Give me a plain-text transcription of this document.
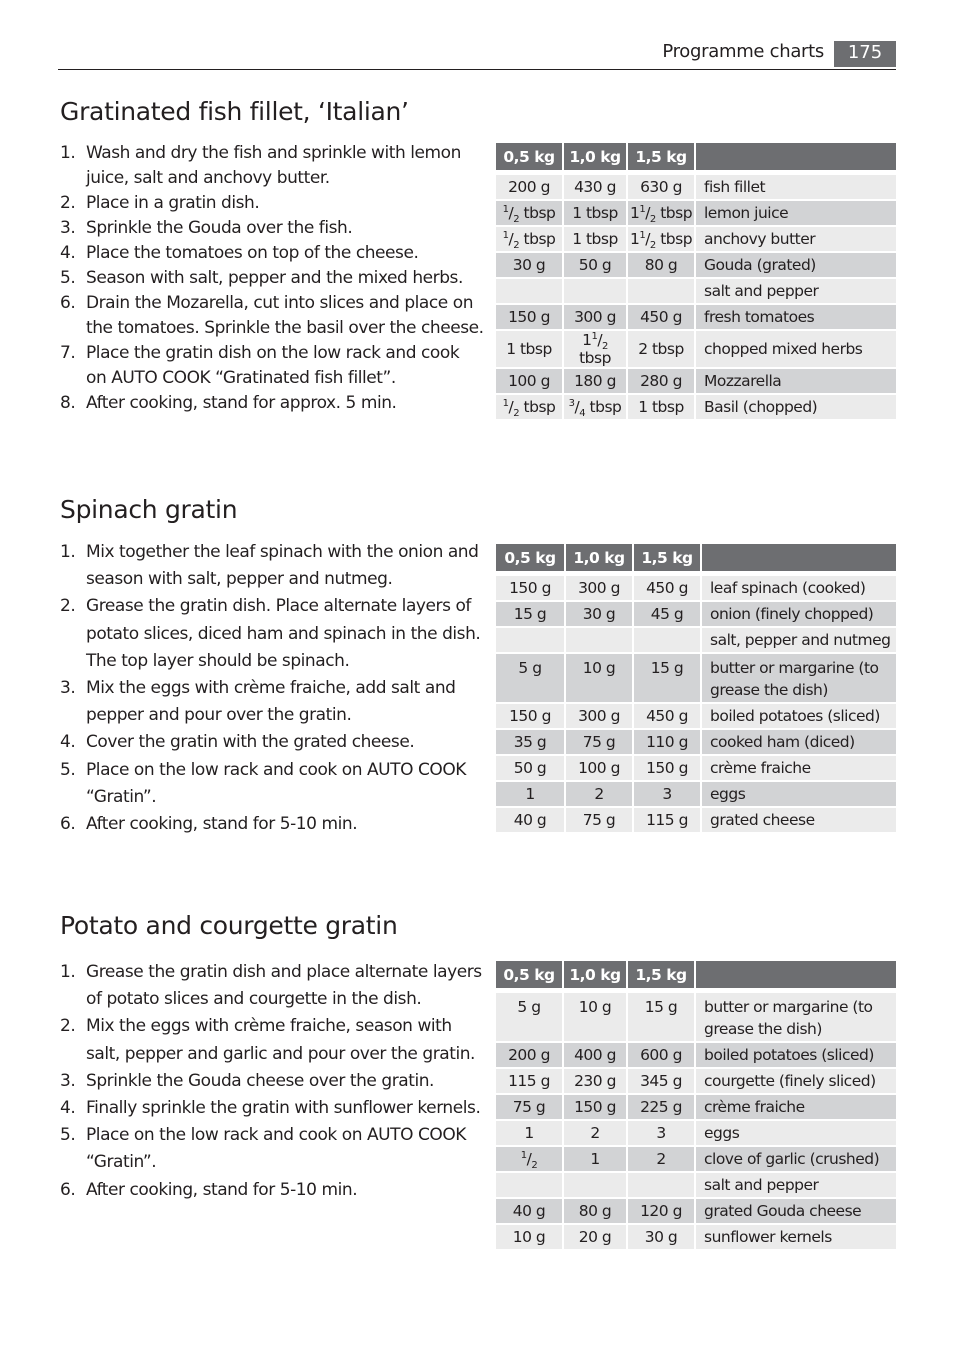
Programme charts	175
Gratinated fish fillet, ‘Italian’
1. Wash and dry the fish and sprinkle with lemon juice, salt and anchovy butter.
2. Place in a gratin dish.
3. Sprinkle the Gouda over the fish.
4. Place the tomatoes on top of the cheese.
5. Season with salt, pepper and the mixed herbs.
6. Drain the Mozarella, cut into slices and place on the tomatoes. Sprinkle the basil over the cheese.
7. Place the gratin dish on the low rack and cook on AUTO COOK “Gratinated fish fillet”.
8. After cooking, stand for approx. 5 min.
0,5 kg	1,0 kg	1,5 kg	

200 g	430 g	630 g	fish fillet
$^1/_2$ tbsp	1 tbsp	$1^1/_2$ tbsp	lemon juice
$^1/_2$ tbsp	1 tbsp	$1^1/_2$ tbsp	anchovy butter
30 g	50 g	80 g	Gouda (grated)
			salt and pepper
150 g	300 g	450 g	fresh tomatoes
1 tbsp	$1^1/_2$ tbsp	2 tbsp	chopped mixed herbs
100 g	180 g	280 g	Mozzarella
$^1/_2$ tbsp	$^3/_4$ tbsp	1 tbsp	Basil (chopped)
Spinach gratin
1. Mix together the leaf spinach with the onion and season with salt, pepper and nutmeg.
2. Grease the gratin dish. Place alternate layers of potato slices, diced ham and spinach in the dish. The top layer should be spinach.
3. Mix the eggs with crème fraiche, add salt and pepper and pour over the gratin.
4. Cover the gratin with the grated cheese.
5. Place on the low rack and cook on AUTO COOK “Gratin”.
6. After cooking, stand for 5-10 min.
0,5 kg	1,0 kg	1,5 kg	

150 g	300 g	450 g	leaf spinach (cooked)
15 g	30 g	45 g	onion (finely chopped)
			salt, pepper and nutmeg
5 g	10 g	15 g	butter or margarine (to grease the dish)
150 g	300 g	450 g	boiled potatoes (sliced)
35 g	75 g	110 g	cooked ham (diced)
50 g	100 g	150 g	crème fraiche
1	2	3	eggs
40 g	75 g	115 g	grated cheese
Potato and courgette gratin
1. Grease the gratin dish and place alternate layers of potato slices and courgette in the dish.
2. Mix the eggs with crème fraiche, season with salt, pepper and garlic and pour over the gratin.
3. Sprinkle the Gouda cheese over the gratin.
4. Finally sprinkle the gratin with sunflower kernels.
5. Place on the low rack and cook on AUTO COOK “Gratin”.
6. After cooking, stand for 5-10 min.
0,5 kg	1,0 kg	1,5 kg	

5 g	10 g	15 g	butter or margarine (to grease the dish)
200 g	400 g	600 g	boiled potatoes (sliced)
115 g	230 g	345 g	courgette (finely sliced)
75 g	150 g	225 g	crème fraiche
1	2	3	eggs
$^1/_2$	1	2	clove of garlic (crushed)
			salt and pepper
40 g	80 g	120 g	grated Gouda cheese
10 g	20 g	30 g	sunflower kernels
